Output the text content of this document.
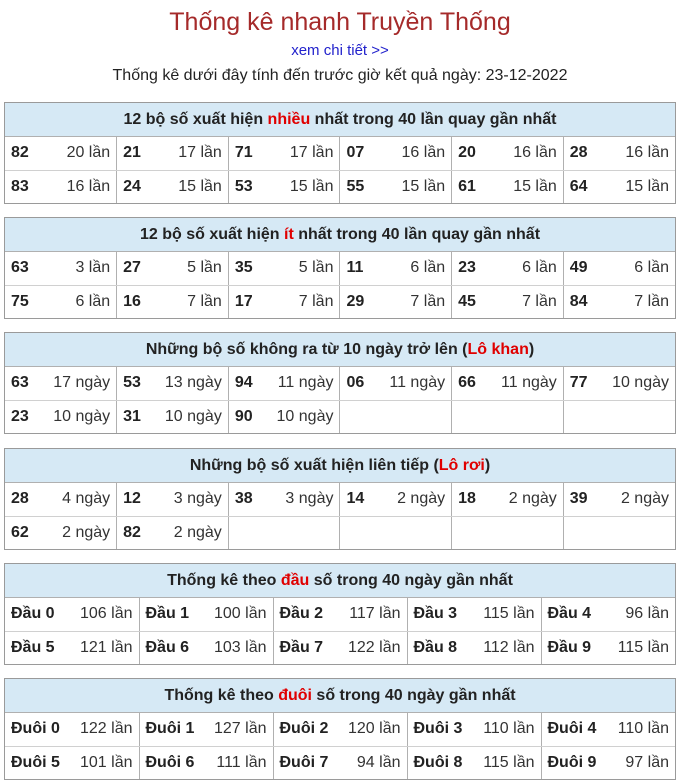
Thống kê nhanh Truyền Thống
xem chi tiết >>
Thống kê dưới đây tính đến trước giờ kết quả ngày: 23-12-2022
12 bộ số xuất hiện nhiều nhất trong 40 lần quay gần nhất
82 20 lần	21 17 lần	71 17 lần	07 16 lần	20 16 lần	28 16 lần

83 16 lần	24 15 lần	53 15 lần	55 15 lần	61 15 lần	64 15 lần
12 bộ số xuất hiện ít nhất trong 40 lần quay gần nhất
63 3 lần	27 5 lần	35 5 lần	11 6 lần	23 6 lần	49 6 lần

75 6 lần	16 7 lần	17 7 lần	29 7 lần	45 7 lần	84 7 lần
Những bộ số không ra từ 10 ngày trở lên (Lô khan)
63 17 ngày	53 13 ngày	94 11 ngày	06 11 ngày	66 11 ngày	77 10 ngày

23 10 ngày	31 10 ngày	90 10 ngày			

Những bộ số xuất hiện liên tiếp (Lô rơi)
28 4 ngày	12 3 ngày	38 3 ngày	14 2 ngày	18 2 ngày	39 2 ngày

62 2 ngày	82 2 ngày				

Thống kê theo đầu số trong 40 ngày gần nhất
Đầu 0 106 lần	Đầu 1 100 lần	Đầu 2 117 lần	Đầu 3 115 lần	Đầu 4 96 lần

Đầu 5 121 lần	Đầu 6 103 lần	Đầu 7 122 lần	Đầu 8 112 lần	Đầu 9 115 lần
Thống kê theo đuôi số trong 40 ngày gần nhất
Đuôi 0 122 lần	Đuôi 1 127 lần	Đuôi 2 120 lần	Đuôi 3 110 lần	Đuôi 4 110 lần

Đuôi 5 101 lần	Đuôi 6 111 lần	Đuôi 7 94 lần	Đuôi 8 115 lần	Đuôi 9 97 lần
